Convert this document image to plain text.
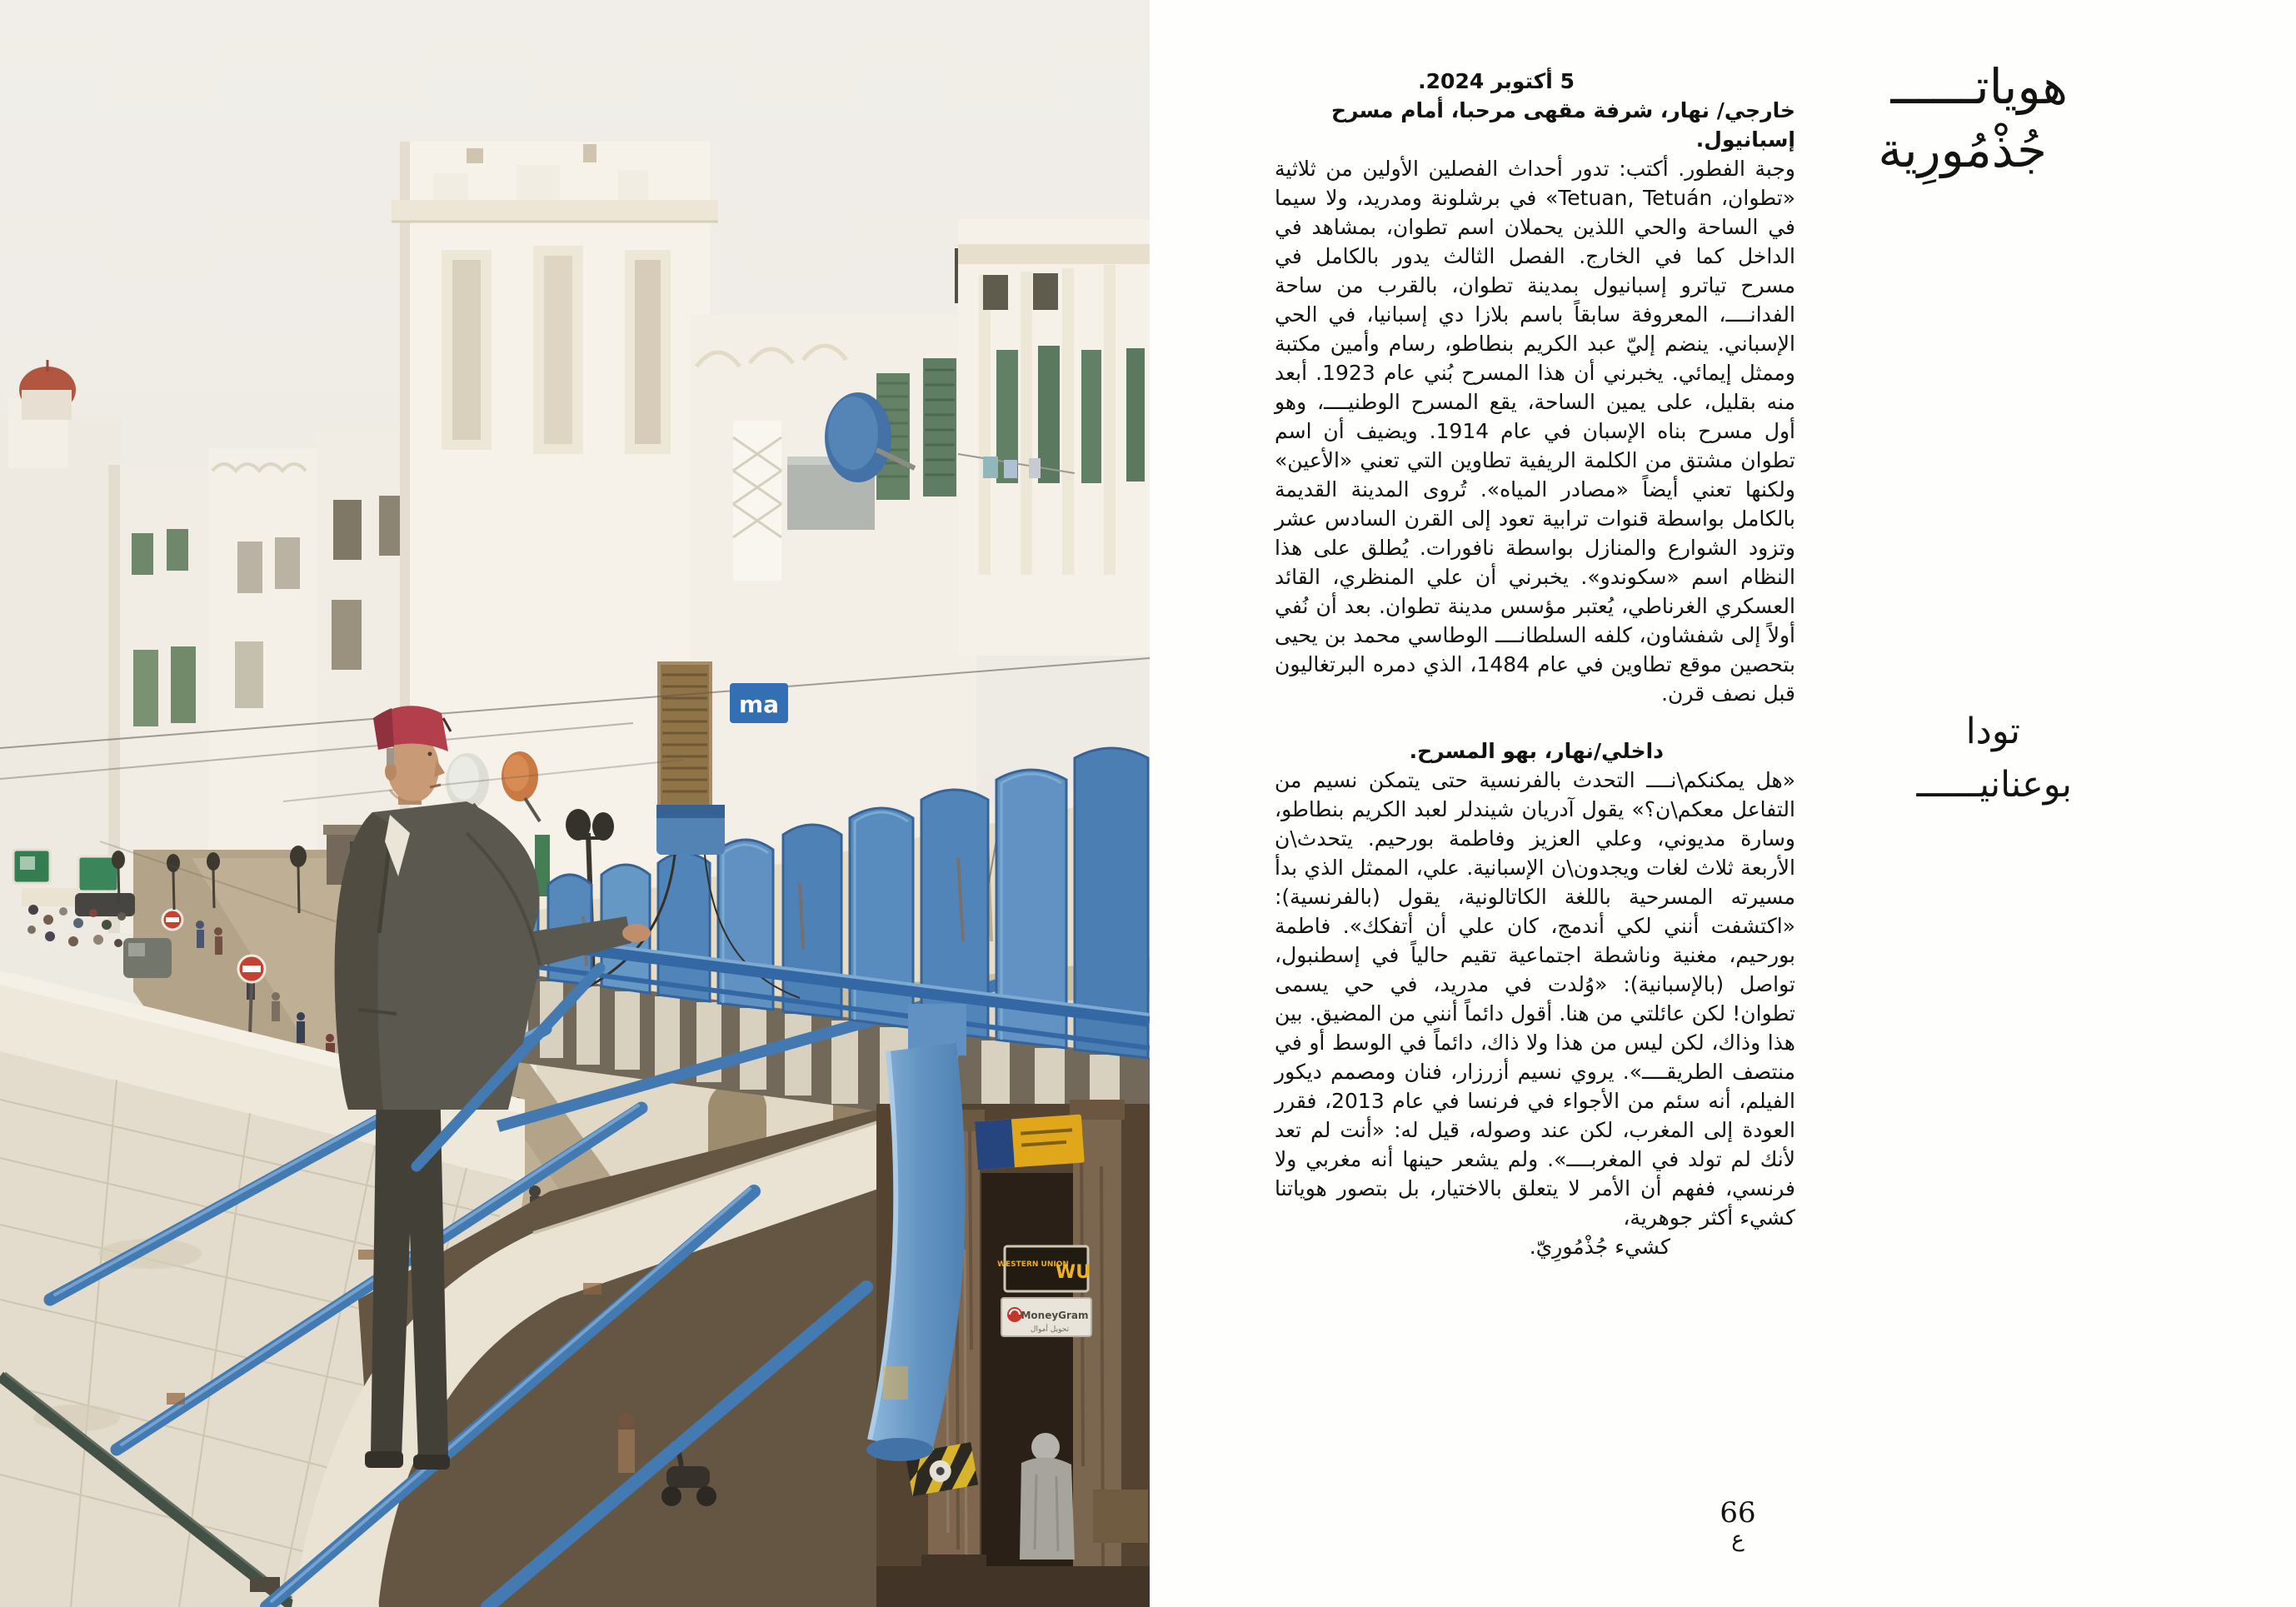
WESTERN UNION
WU
MoneyGram
تحويل أموال
ma
هوياتــــــ
جُذْمُورِية
تودا
بوعنانيــــــ

5 أكتوبر 2024.

خارجي/ نهار، شرفة مقهى مرحبا، أمام مسرح إسبانيول.

وجبة الفطور. أكتب: تدور أحداث الفصلين الأولين من ثلاثية «تطوان، Tetuan, Tetuán» في برشلونة ومدريد، ولا سيما في الساحة والحي اللذين يحملان اسم تطوان، بمشاهد في الداخل كما في الخارج. الفصل الثالث يدور بالكامل في مسرح تياترو إسبانيول بمدينة تطوان، بالقرب من ساحة الفدانــــ، المعروفة سابقاً باسم بلازا دي إسبانيا، في الحي الإسباني. ينضم إليّ عبد الكريم بنطاطو، رسام وأمين مكتبة وممثل إيمائي. يخبرني أن هذا المسرح بُني عام 1923. أبعد منه بقليل، على يمين الساحة، يقع المسرح الوطنيــــ، وهو أول مسرح بناه الإسبان في عام 1914. ويضيف أن اسم تطوان مشتق من الكلمة الريفية تطاوين التي تعني «الأعين» ولكنها تعني أيضاً «مصادر المياه». تُروى المدينة القديمة بالكامل بواسطة قنوات ترابية تعود إلى القرن السادس عشر وتزود الشوارع والمنازل بواسطة نافورات. يُطلق على هذا النظام اسم «سكوندو». يخبرني أن علي المنظري، القائد العسكري الغرناطي، يُعتبر مؤسس مدينة تطوان. بعد أن نُفي أولاً إلى شفشاون، كلفه السلطانــــ الوطاسي محمد بن يحيى بتحصين موقع تطاوين في عام 1484، الذي دمره البرتغاليون قبل نصف قرن.

داخلي/نهار، بهو المسرح.

«هل يمكنكم\نــــ التحدث بالفرنسية حتى يتمكن نسيم من التفاعل معكم\ن؟» يقول آدريان شيندلر لعبد الكريم بنطاطو، وسارة مديوني، وعلي العزيز وفاطمة بورحيم. يتحدث\ن الأربعة ثلاث لغات ويجدون\ن الإسبانية. علي، الممثل الذي بدأ مسيرته المسرحية باللغة الكاتالونية، يقول (بالفرنسية): «اكتشفت أنني لكي أندمج، كان علي أن أتفكك». فاطمة بورحيم، مغنية وناشطة اجتماعية تقيم حالياً في إسطنبول، تواصل (بالإسبانية): «وُلدت في مدريد، في حي يسمى تطوان! لكن عائلتي من هنا. أقول دائماً أنني من المضيق. بين هذا وذاك، لكن ليس من هذا ولا ذاك، دائماً في الوسط أو في منتصف الطريقــــ». يروي نسيم أزرزار، فنان ومصمم ديكور الفيلم، أنه سئم من الأجواء في فرنسا في عام 2013، فقرر العودة إلى المغرب، لكن عند وصوله، قيل له: «أنت لم تعد لأنك لم تولد في المغربــــ». ولم يشعر حينها أنه مغربي ولا فرنسي، ففهم أن الأمر لا يتعلق بالاختيار، بل بتصور هوياتنا كشيء أكثر جوهرية،

كشيء جُذْمُورِيّ.

66
ع
